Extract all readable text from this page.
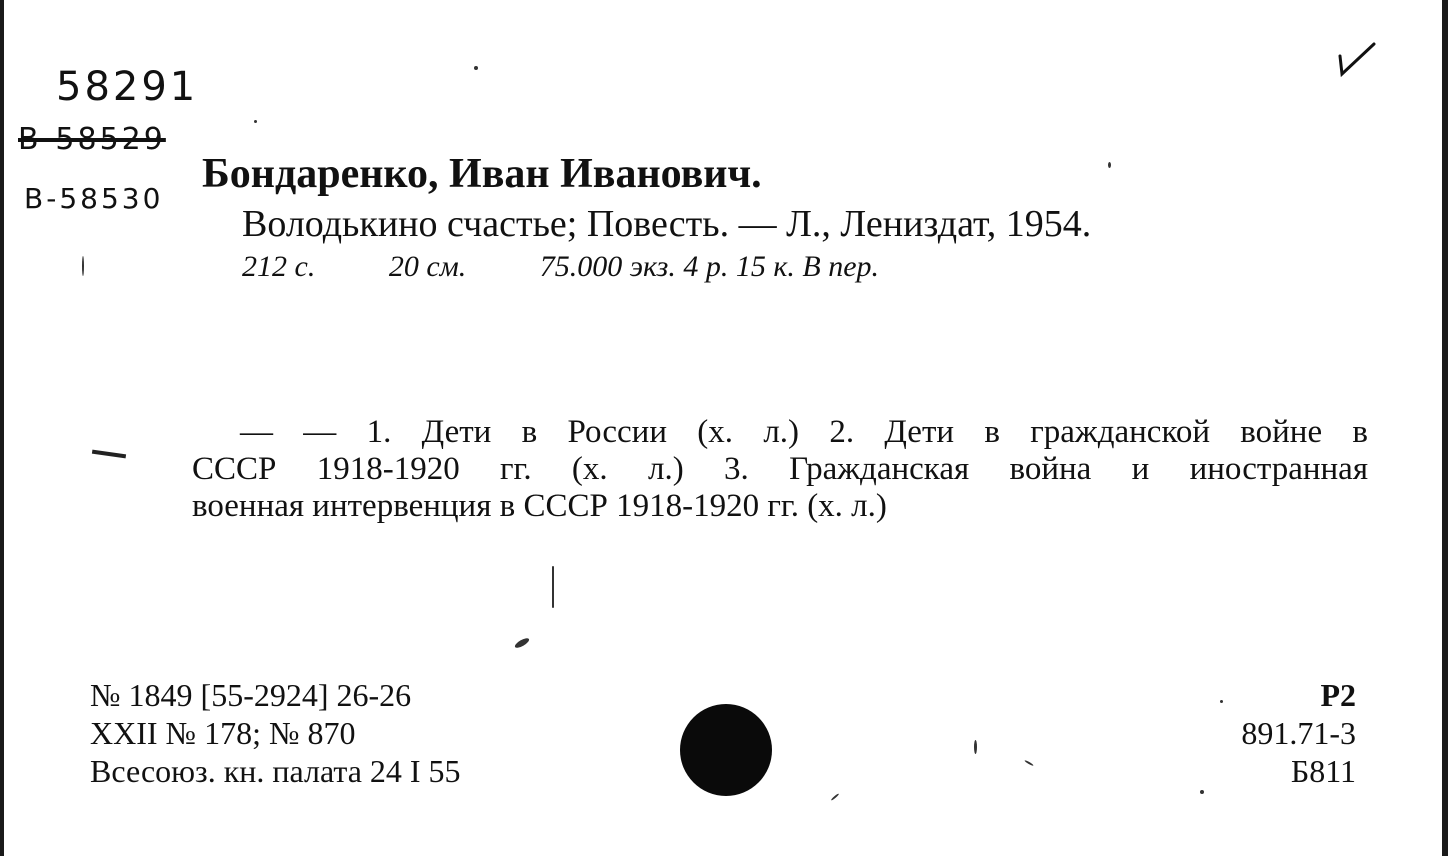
58291
B-58529
B-58530
Бондаренко, Иван Иванович.
Володькино счастье; Повесть. — Л., Лениздат, 1954.
212 с. 20 см. 75.000 экз. 4 р. 15 к. В пер.
— — 1. Дети в России (х. л.) 2. Дети в гражданской войне в
СССР 1918-1920 гг. (х. л.) 3. Гражданская война и иностранная
военная интервенция в СССР 1918-1920 гг. (х. л.)
№ 1849 [55-2924] 26-26
XXII № 178; № 870
Всесоюз. кн. палата 24 I 55
Р2
891.71-3
Б811
